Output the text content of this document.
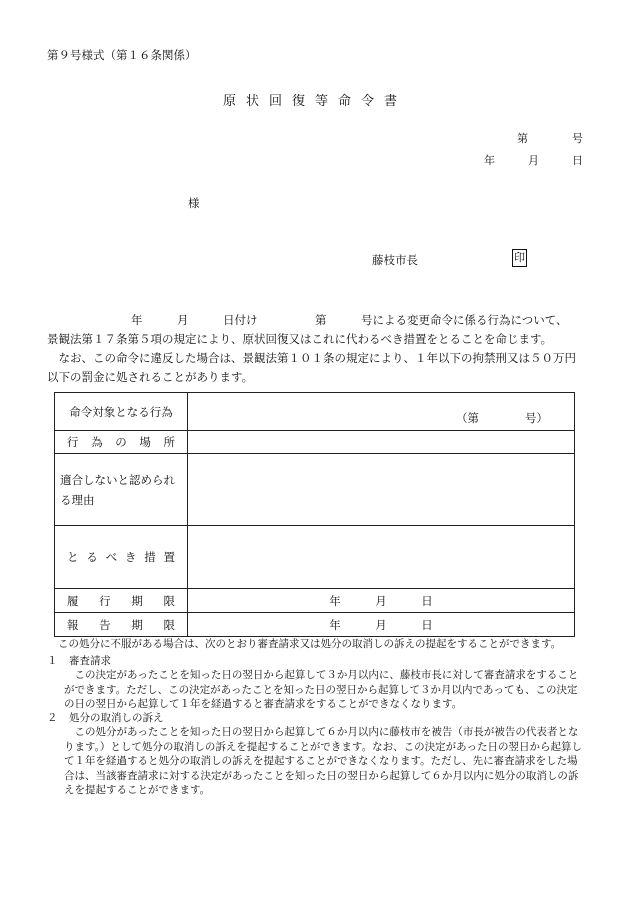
第９号様式（第１６条関係）
原状回復等命令書
第　　　　号
年　　　月　　　日
様
藤枝市長	印
年　　　月　　　日付け　　　　　第　　　号による変更命令に係る行為について、
景観法第１７条第５項の規定により、原状回復又はこれに代わるべき措置をとることを命じます。
　なお、この命令に違反した場合は、景観法第１０１条の規定により、１年以下の拘禁刑又は５０万円以下の罰金に処されることがあります。
命令対象となる行為	（第　　　　号）
行為の場所	
適合しないと認められる理由	
とるべき措置	
履行期限	年　　　月　　　日
報告期限	年　　　月　　　日
この処分に不服がある場合は、次のとおり審査請求又は処分の取消しの訴えの提起をすることができます。
１ 審査請求
この決定があったことを知った日の翌日から起算して３か月以内に、藤枝市長に対して審査請求をすることができます。ただし、この決定があったことを知った日の翌日から起算して３か月以内であっても、この決定の日の翌日から起算して１年を経過すると審査請求をすることができなくなります。
２ 処分の取消しの訴え
この処分があったことを知った日の翌日から起算して６か月以内に藤枝市を被告（市長が被告の代表者となります。）として処分の取消しの訴えを提起することができます。なお、この決定があった日の翌日から起算して１年を経過すると処分の取消しの訴えを提起することができなくなります。ただし、先に審査請求をした場合は、当該審査請求に対する決定があったことを知った日の翌日から起算して６か月以内に処分の取消しの訴えを提起することができます。
